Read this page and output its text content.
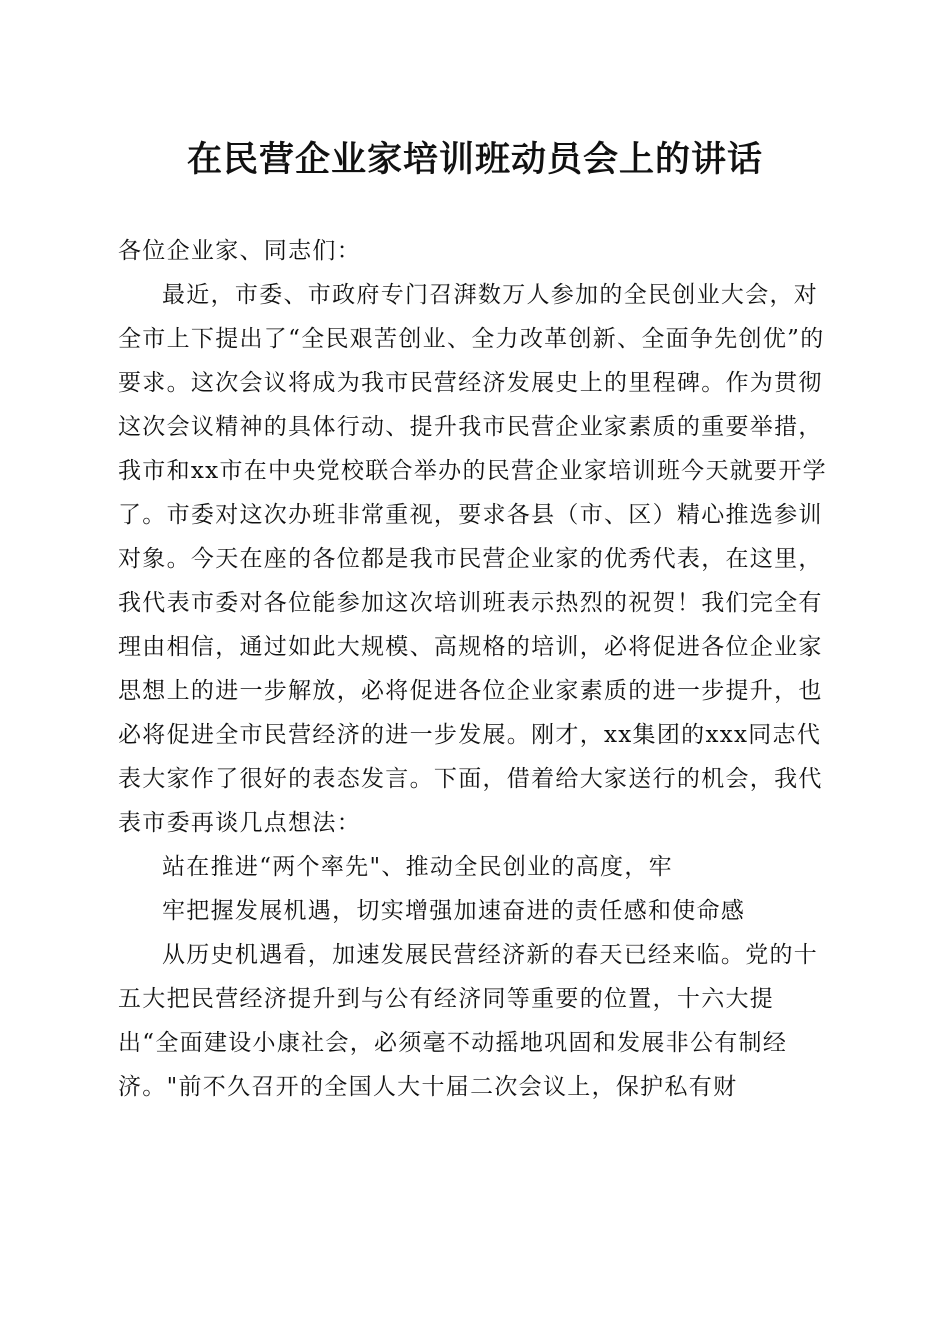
在民营企业家培训班动员会上的讲话

各位企业家、同志们：

最近，市委、市政府专门召湃数万人参加的全民创业大会，对全市上下提出了“全民艰苦创业、全力改革创新、全面争先创优”的要求。这次会议将成为我市民营经济发展史上的里程碑。作为贯彻这次会议精神的具体行动、提升我市民营企业家素质的重要举措，我市和xx市在中央党校联合举办的民营企业家培训班今天就要开学了。市委对这次办班非常重视，要求各县（市、区）精心推选参训对象。今天在座的各位都是我市民营企业家的优秀代表，在这里，我代表市委对各位能参加这次培训班表示热烈的祝贺！我们完全有理由相信，通过如此大规模、高规格的培训，必将促进各位企业家思想上的进一步解放，必将促进各位企业家素质的进一步提升，也必将促进全市民营经济的进一步发展。刚才，xx集团的xxx同志代表大家作了很好的表态发言。下面，借着给大家送行的机会，我代表市委再谈几点想法：

站在推进“两个率先"、推动全民创业的高度，牢

牢把握发展机遇，切实增强加速奋进的责任感和使命感

从历史机遇看，加速发展民营经济新的春天已经来临。党的十五大把民营经济提升到与公有经济同等重要的位置，十六大提出“全面建设小康社会，必须毫不动摇地巩固和发展非公有制经济。"前不久召开的全国人大十届二次会议上，保护私有财
